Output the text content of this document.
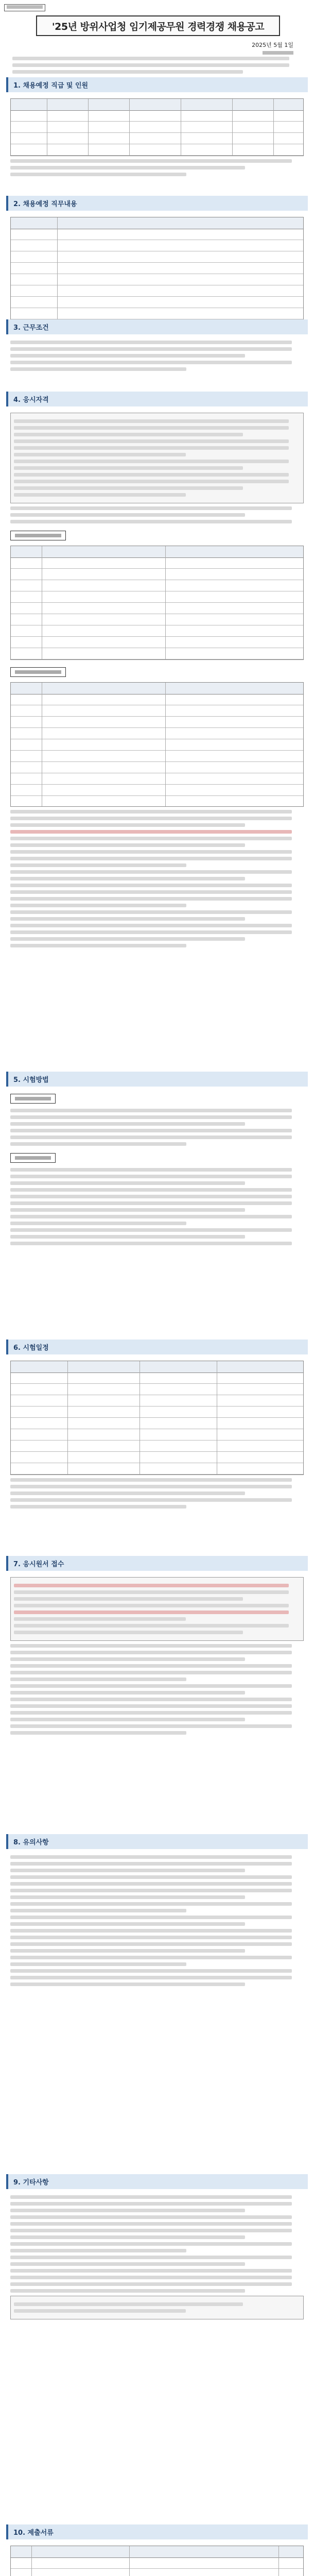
'25년 방위사업청 임기제공무원 경력경쟁 채용공고
2025년 5월 1일
1. 채용예정 직급 및 인원
2. 채용예정 직무내용
3. 근무조건
4. 응시자격
5. 시험방법
6. 시험일정
7. 응시원서 접수
8. 유의사항
9. 기타사항
10. 제출서류
